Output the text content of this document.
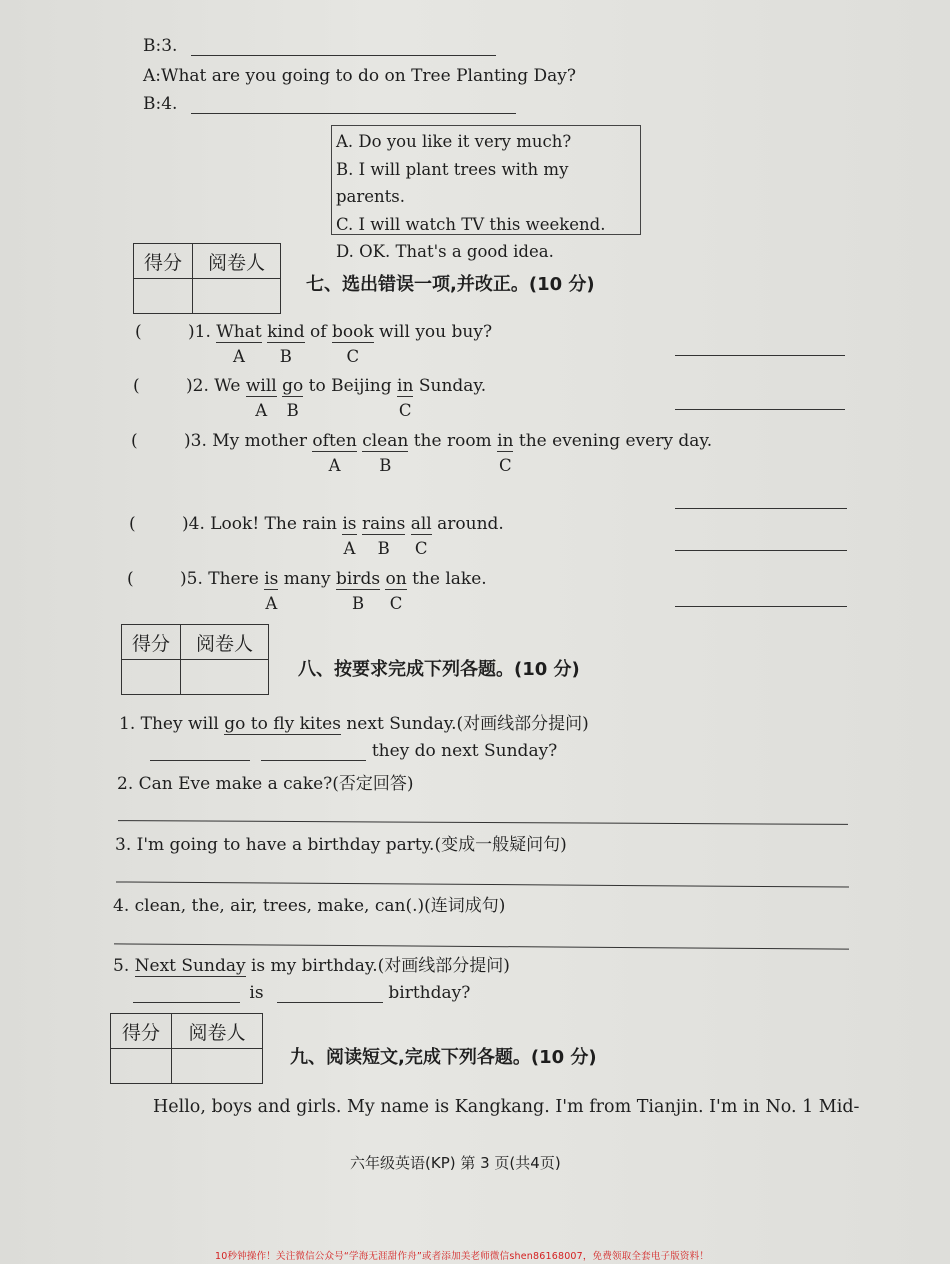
B:3.
A:What are you going to do on Tree Planting Day?
B:4.
A. Do you like it very much?
B. I will plant trees with my parents.
C. I will watch TV this weekend.
D. OK. That's a good idea.
得分	阅卷人

七、选出错误一项,并改正。(10 分)
(	)1. What
A
kind
B
of book
C
will you buy?
(	)2. We will
A
go
B
to Beijing in
C
Sunday.
(	)3. My mother often
A
clean
B
the room in
C
the evening every day.
(	)4. Look! The rain is
A
rains
B
all
C
around.
(	)5. There is
A
many birds
B
on
C
the lake.
得分	阅卷人

八、按要求完成下列各题。(10 分)
1. They will go to fly kites next Sunday.(对画线部分提问)
they do next Sunday?
2. Can Eve make a cake?(否定回答)
3. I'm going to have a birthday party.(变成一般疑问句)
4. clean, the, air, trees, make, can(.)(连词成句)
5. Next Sunday is my birthday.(对画线部分提问)
is	birthday?
得分	阅卷人

九、阅读短文,完成下列各题。(10 分)
Hello, boys and girls. My name is Kangkang. I'm from Tianjin. I'm in No. 1 Mid-
六年级英语(KP) 第 3 页(共4页)
10秒钟操作！关注微信公众号“学海无涯甜作舟”或者添加美老师微信shen86168007，免费领取全套电子版资料！
